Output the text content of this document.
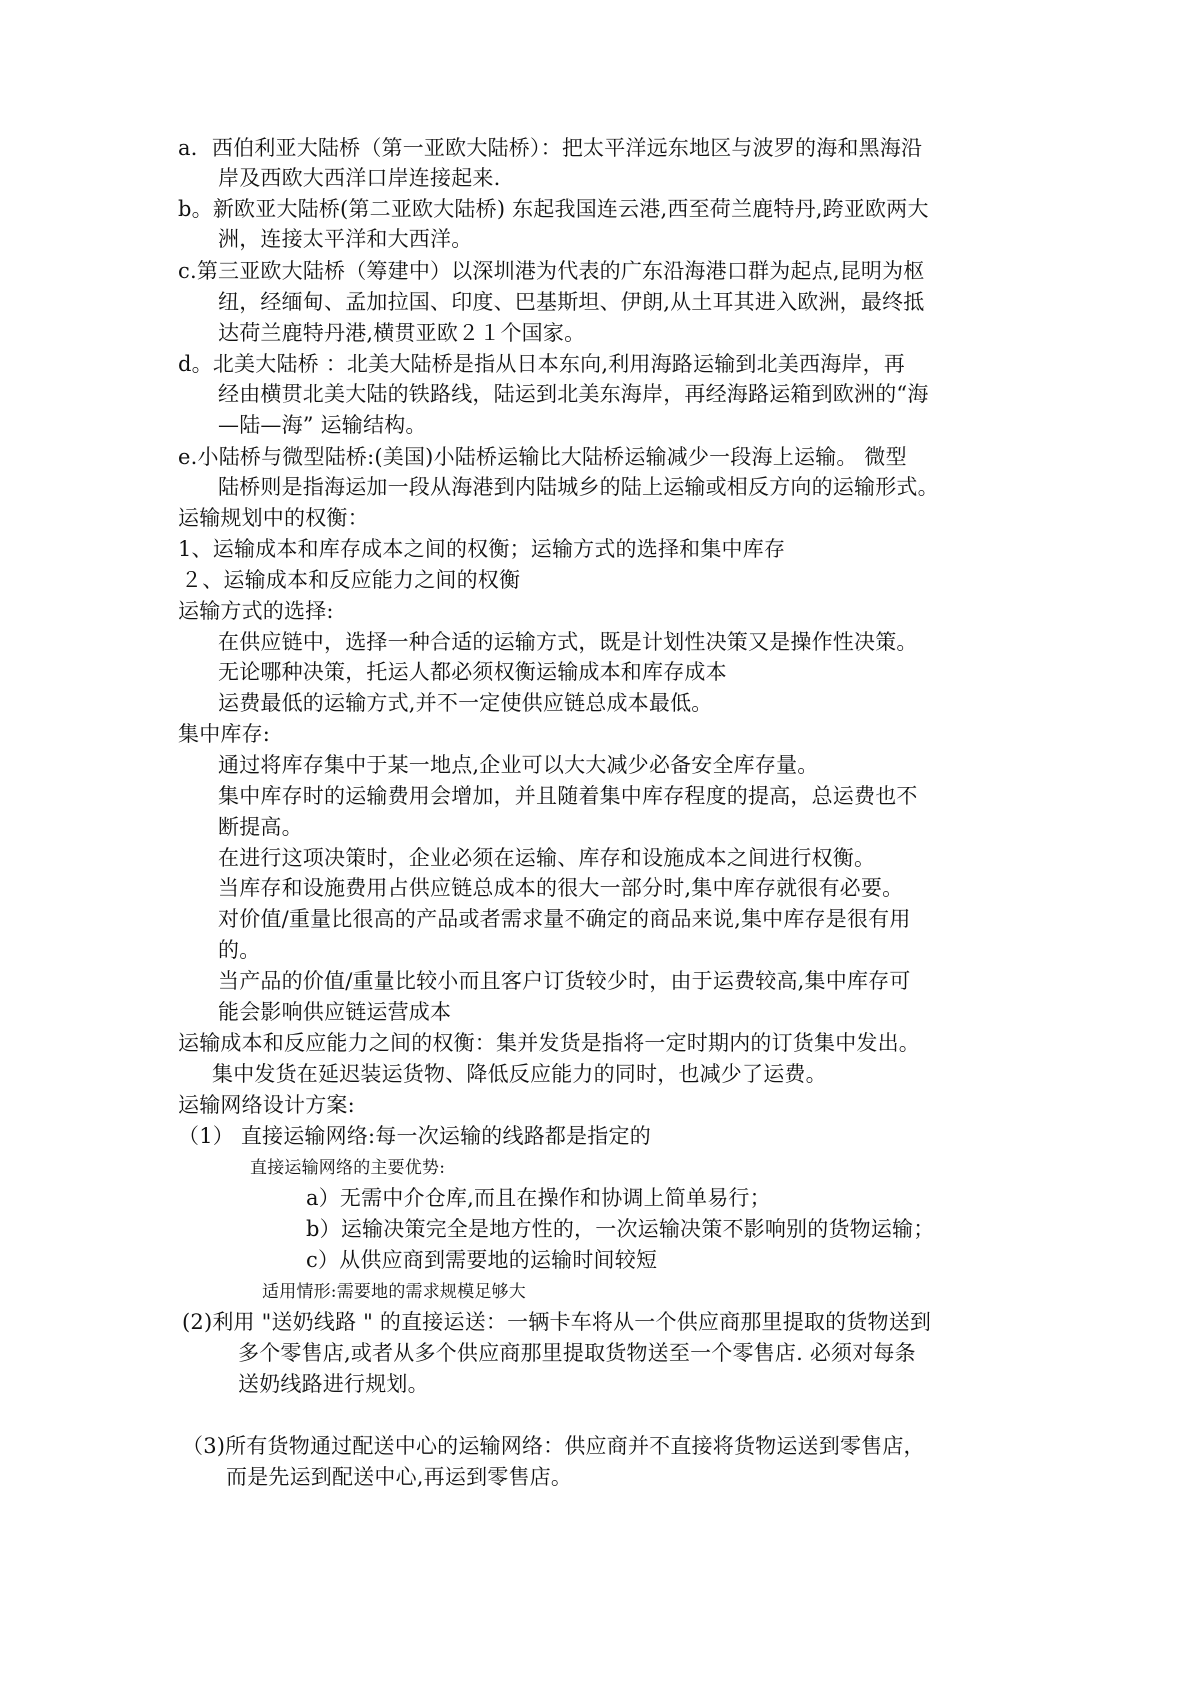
a．西伯利亚大陆桥（第一亚欧大陆桥）：把太平洋远东地区与波罗的海和黑海沿
岸及西欧大西洋口岸连接起来.
b。新欧亚大陆桥(第二亚欧大陆桥) 东起我国连云港,西至荷兰鹿特丹,跨亚欧两大
洲，连接太平洋和大西洋。
c.第三亚欧大陆桥（筹建中）以深圳港为代表的广东沿海港口群为起点,昆明为枢
纽，经缅甸、孟加拉国、印度、巴基斯坦、伊朗,从土耳其进入欧洲，最终抵
达荷兰鹿特丹港,横贯亚欧２１个国家。
d。北美大陆桥 ：北美大陆桥是指从日本东向,利用海路运输到北美西海岸，再
经由横贯北美大陆的铁路线，陆运到北美东海岸，再经海路运箱到欧洲的“海
—陆—海” 运输结构。
e.小陆桥与微型陆桥:(美国)小陆桥运输比大陆桥运输减少一段海上运输。 微型
陆桥则是指海运加一段从海港到内陆城乡的陆上运输或相反方向的运输形式。
运输规划中的权衡：
1、运输成本和库存成本之间的权衡；运输方式的选择和集中库存
２、运输成本和反应能力之间的权衡
运输方式的选择:
在供应链中，选择一种合适的运输方式，既是计划性决策又是操作性决策。
无论哪种决策，托运人都必须权衡运输成本和库存成本
运费最低的运输方式,并不一定使供应链总成本最低。
集中库存:
通过将库存集中于某一地点,企业可以大大减少必备安全库存量。
集中库存时的运输费用会增加，并且随着集中库存程度的提高，总运费也不
断提高。
在进行这项决策时，企业必须在运输、库存和设施成本之间进行权衡。
当库存和设施费用占供应链总成本的很大一部分时,集中库存就很有必要。
对价值/重量比很高的产品或者需求量不确定的商品来说,集中库存是很有用
的。
当产品的价值/重量比较小而且客户订货较少时，由于运费较高,集中库存可
能会影响供应链运营成本
运输成本和反应能力之间的权衡：集并发货是指将一定时期内的订货集中发出。
集中发货在延迟装运货物、降低反应能力的同时，也减少了运费。
运输网络设计方案:
（1） 直接运输网络:每一次运输的线路都是指定的
直接运输网络的主要优势:
a）无需中介仓库,而且在操作和协调上简单易行；
b）运输决策完全是地方性的，一次运输决策不影响别的货物运输；
c）从供应商到需要地的运输时间较短
适用情形:需要地的需求规模足够大
(2)利用 "送奶线路 " 的直接运送：一辆卡车将从一个供应商那里提取的货物送到
多个零售店,或者从多个供应商那里提取货物送至一个零售店. 必须对每条
送奶线路进行规划。
（3)所有货物通过配送中心的运输网络：供应商并不直接将货物运送到零售店，
而是先运到配送中心,再运到零售店。
